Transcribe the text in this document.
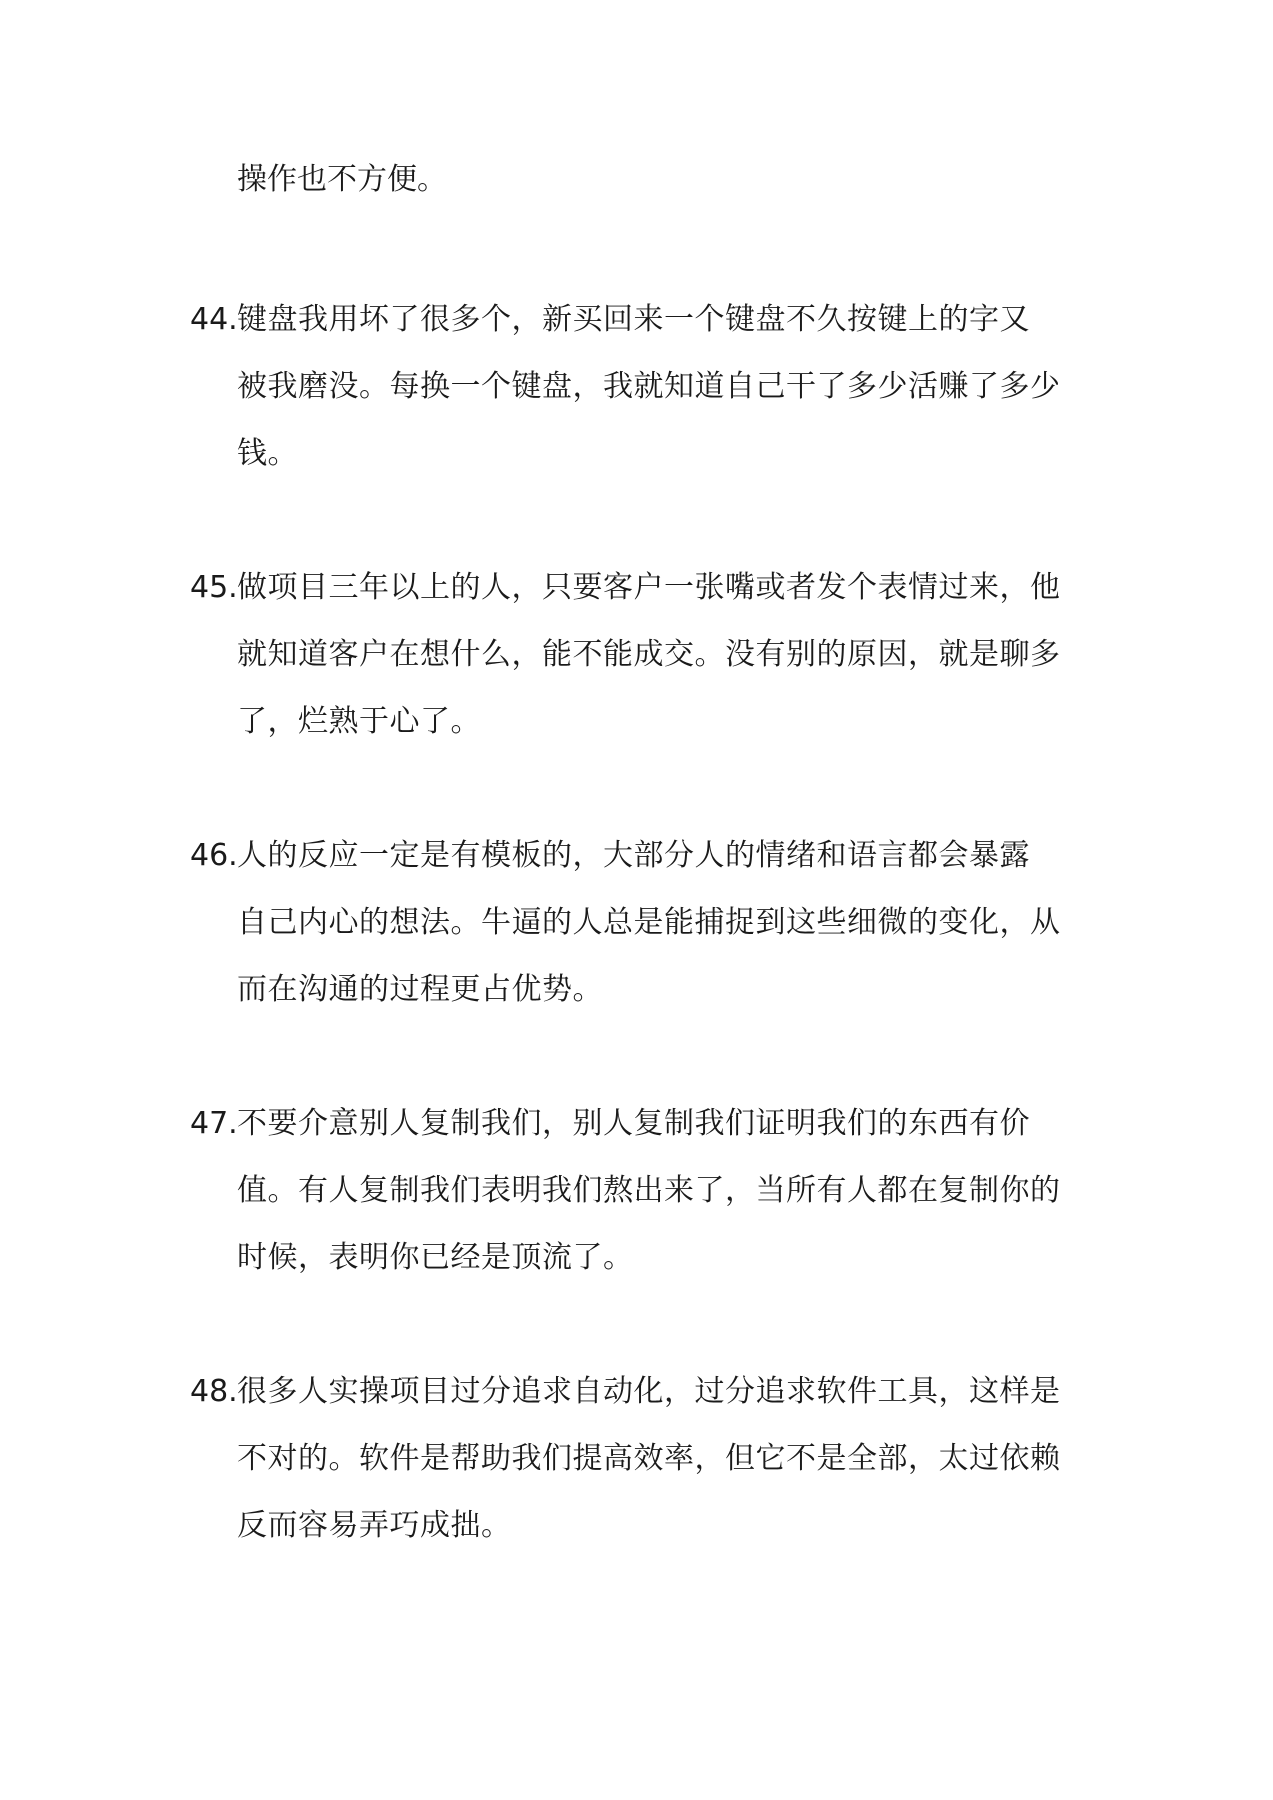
操作也不方便。
44. 键盘我用坏了很多个，新买回来一个键盘不久按键上的字又
被我磨没。每换一个键盘，我就知道自己干了多少活赚了多少
钱。
45. 做项目三年以上的人，只要客户一张嘴或者发个表情过来，他
就知道客户在想什么，能不能成交。没有别的原因，就是聊多
了，烂熟于心了。
46. 人的反应一定是有模板的，大部分人的情绪和语言都会暴露
自己内心的想法。牛逼的人总是能捕捉到这些细微的变化，从
而在沟通的过程更占优势。
47. 不要介意别人复制我们，别人复制我们证明我们的东西有价
值。有人复制我们表明我们熬出来了，当所有人都在复制你的
时候，表明你已经是顶流了。
48. 很多人实操项目过分追求自动化，过分追求软件工具，这样是
不对的。软件是帮助我们提高效率，但它不是全部，太过依赖
反而容易弄巧成拙。
